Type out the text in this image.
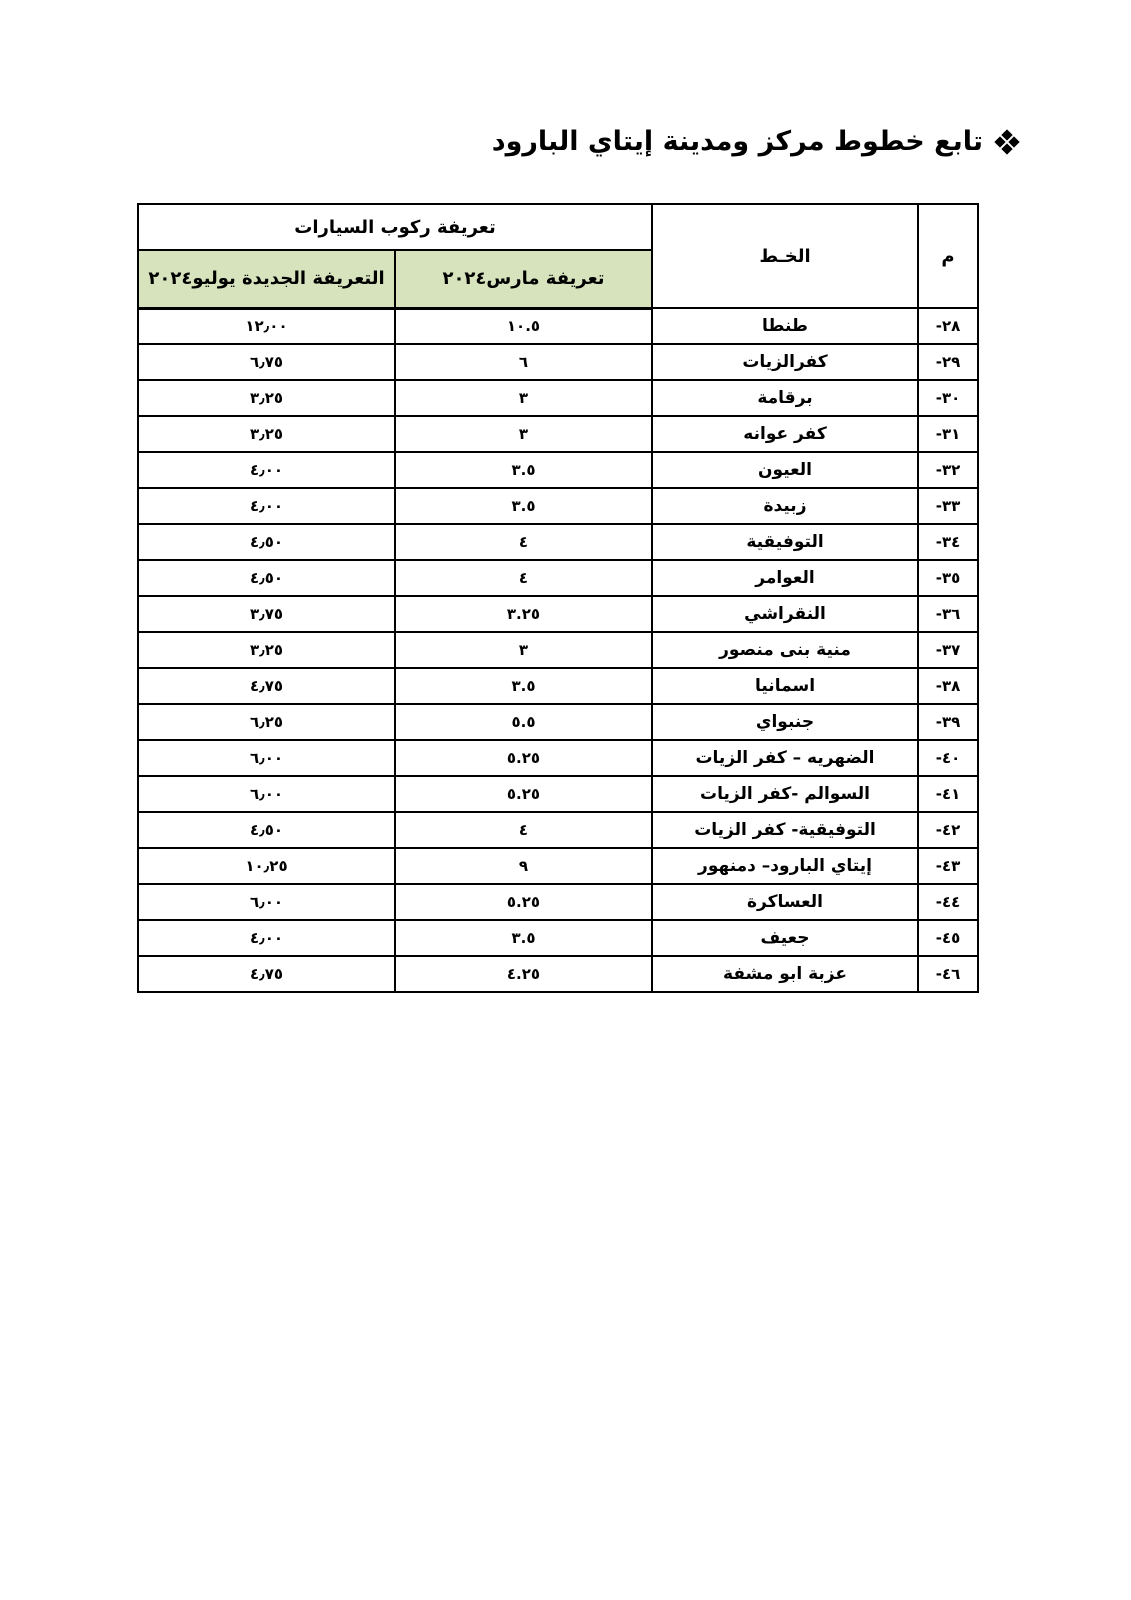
تابع خطوط مركز ومدينة إيتاي البارود
م	الخـط	تعريفة ركوب السيارات	
		تعريفة مارس٢٠٢٤	التعريفة الجديدة يوليو٢٠٢٤
٢٨-	طنطا	١٠.٥	١٢٫٠٠
٢٩-	كفرالزيات	٦	٦٫٧٥
٣٠-	برقامة	٣	٣٫٢٥
٣١-	كفر عوانه	٣	٣٫٢٥
٣٢-	العيون	٣.٥	٤٫٠٠
٣٣-	زبيدة	٣.٥	٤٫٠٠
٣٤-	التوفيقية	٤	٤٫٥٠
٣٥-	العوامر	٤	٤٫٥٠
٣٦-	النقراشي	٣.٢٥	٣٫٧٥
٣٧-	منية بنى منصور	٣	٣٫٢٥
٣٨-	اسمانيا	٣.٥	٤٫٧٥
٣٩-	جنبواي	٥.٥	٦٫٢٥
٤٠-	الضهريه – كفر الزيات	٥.٢٥	٦٫٠٠
٤١-	السوالم -كفر الزيات	٥.٢٥	٦٫٠٠
٤٢-	التوفيقية- كفر الزيات	٤	٤٫٥٠
٤٣-	إيتاي البارود– دمنهور	٩	١٠٫٢٥
٤٤-	العساكرة	٥.٢٥	٦٫٠٠
٤٥-	جعيف	٣.٥	٤٫٠٠
٤٦-	عزبة ابو مشفة	٤.٢٥	٤٫٧٥
